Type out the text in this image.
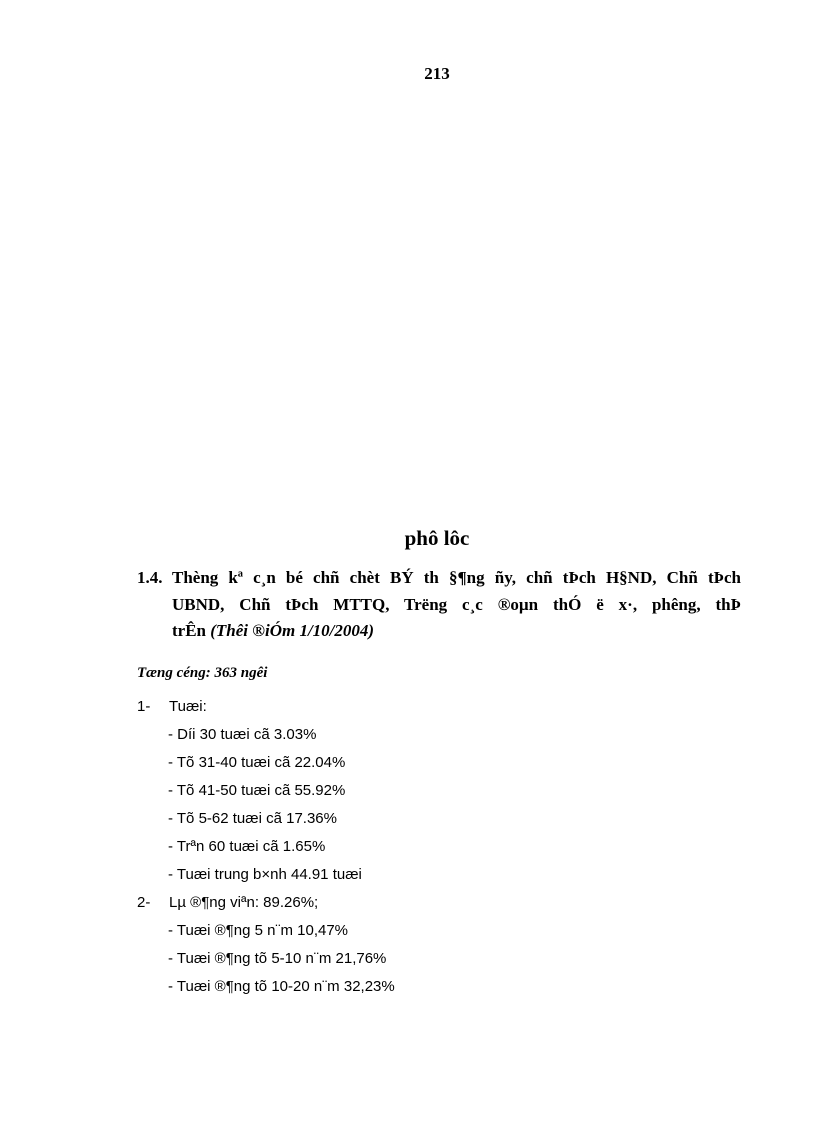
213
phô lôc
1.4. Thèng kª c¸n bé chñ chèt BÝ th §¶ng ñy, chñ tÞch H§ND, Chñ tÞch
UBND, Chñ tÞch MTTQ, Trëng c¸c ®oµn thÓ ë x·, phêng, thÞ
trÊn (Thêi ®iÓm 1/10/2004)
Tæng céng: 363 ngêi
1- Tuæi:
- Díi 30 tuæi cã 3.03%
- Tõ 31-40 tuæi cã 22.04%
- Tõ 41-50 tuæi cã 55.92%
- Tõ 5-62 tuæi cã 17.36%
- Trªn 60 tuæi cã 1.65%
- Tuæi trung b×nh 44.91 tuæi
2- Lµ ®¶ng viªn: 89.26%;
- Tuæi ®¶ng 5 n¨m 10,47%
- Tuæi ®¶ng tõ 5-10 n¨m 21,76%
- Tuæi ®¶ng tõ 10-20 n¨m 32,23%
